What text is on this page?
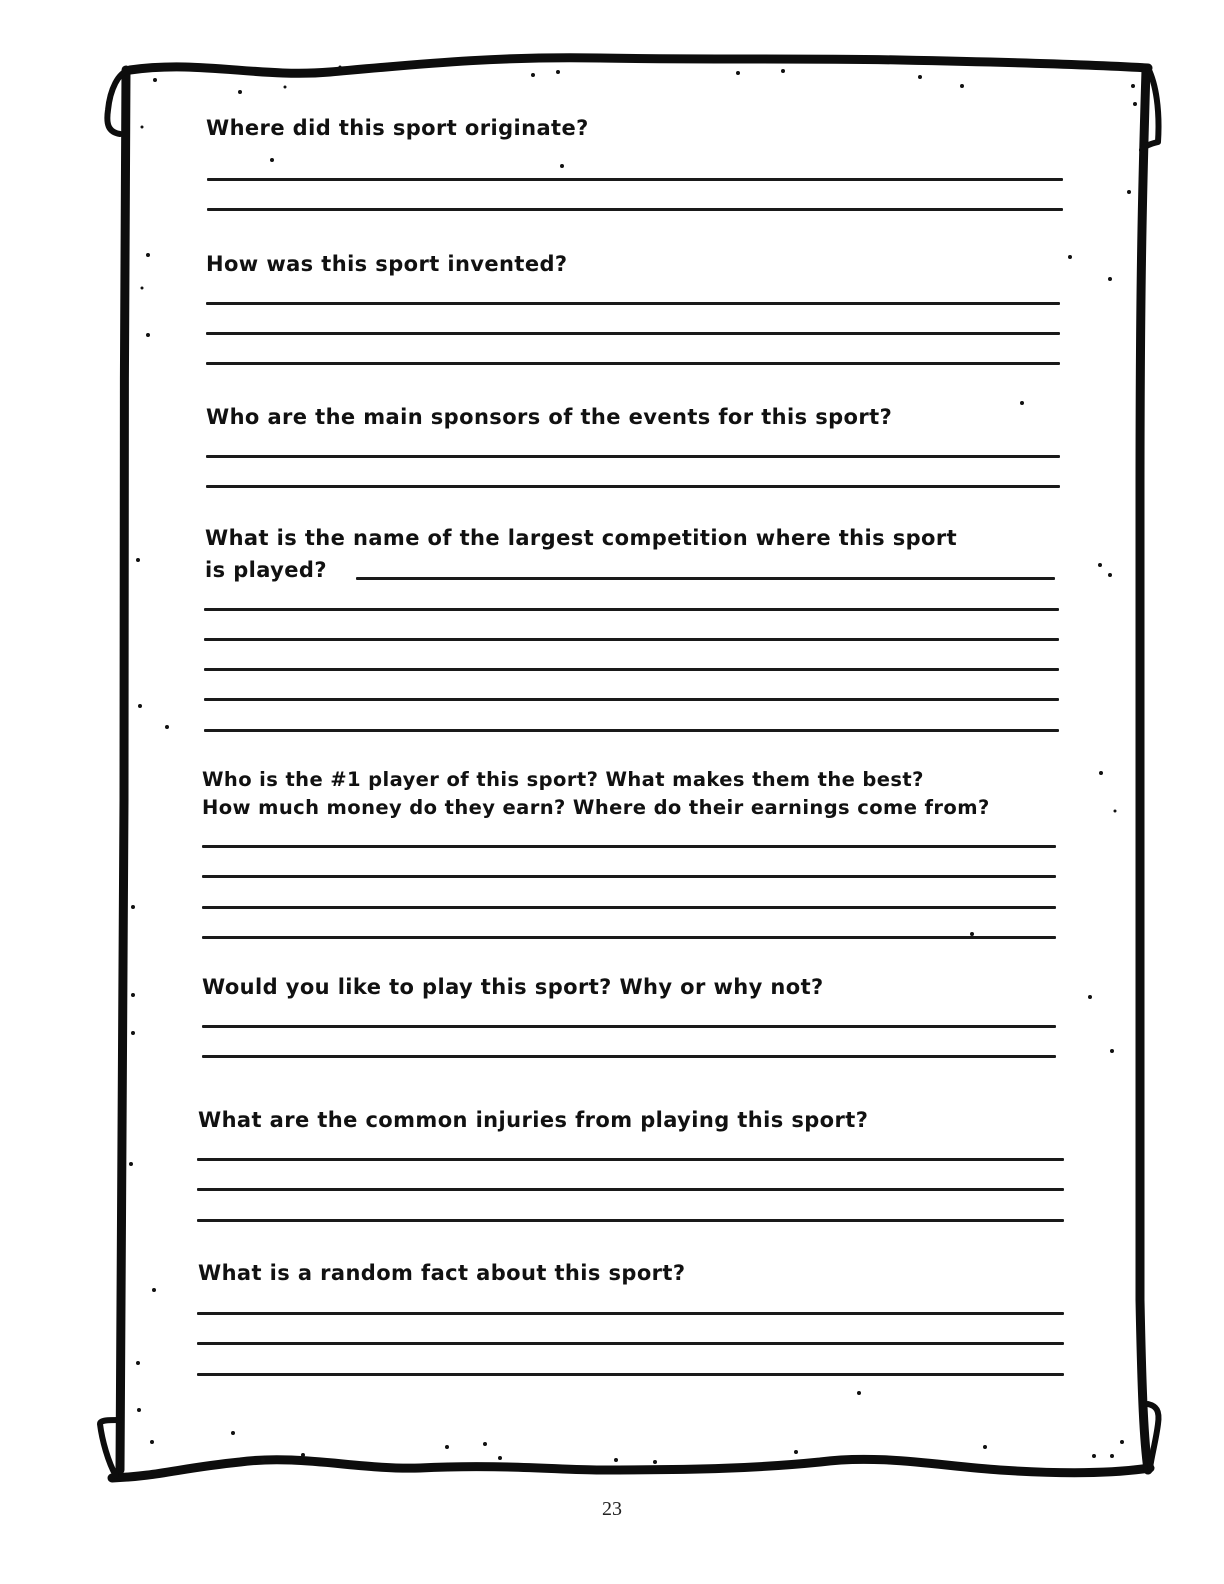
Where did this sport originate?
How was this sport invented?
Who are the main sponsors of the events for this sport?
What is the name of the largest competition where this sport
is played?
Who is the #1 player of this sport? What makes them the best?
How much money do they earn? Where do their earnings come from?
Would you like to play this sport? Why or why not?
What are the common injuries from playing this sport?
What is a random fact about this sport?
23
